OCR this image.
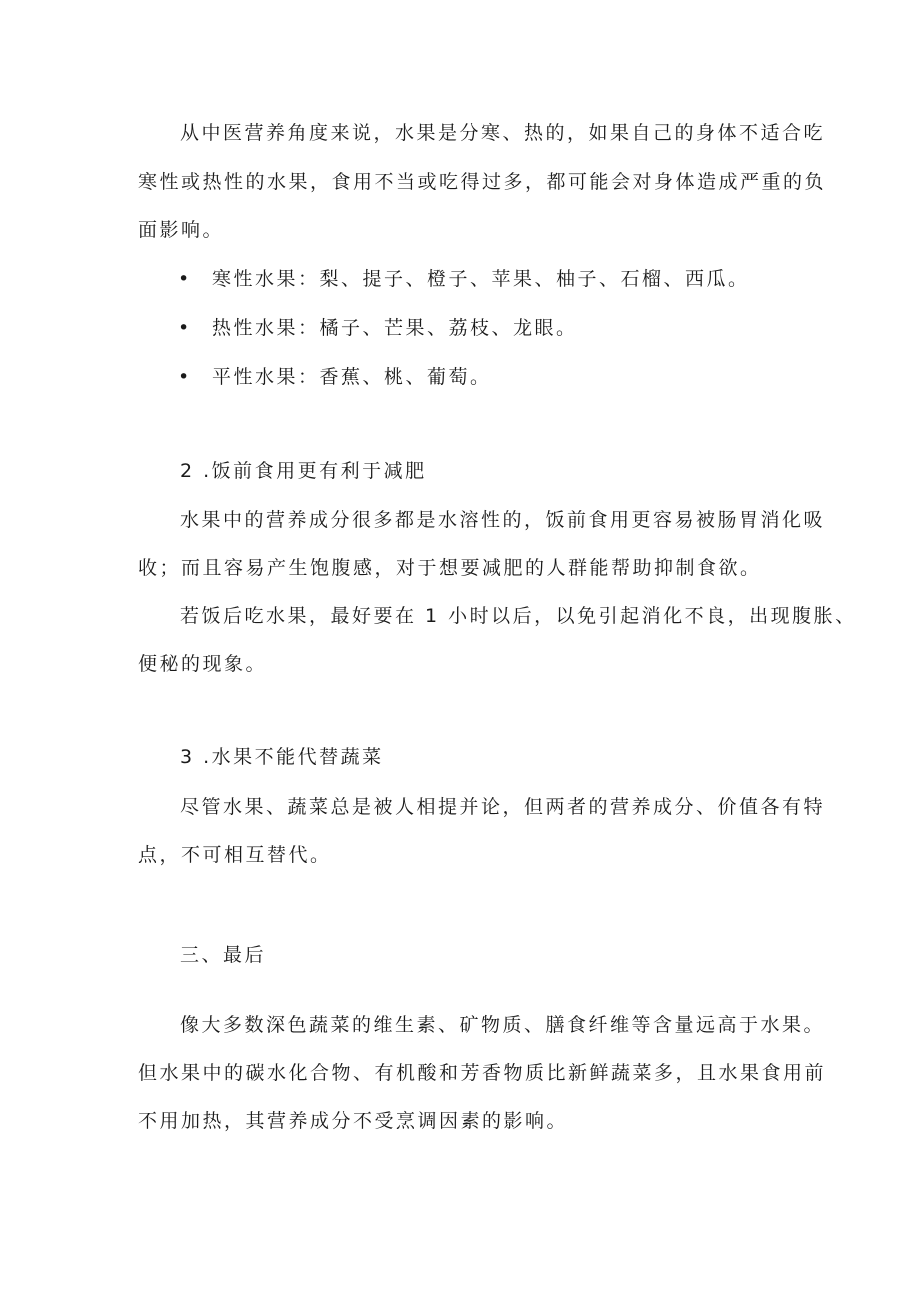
从中医营养角度来说，水果是分寒、热的，如果自己的身体不适合吃
寒性或热性的水果，食用不当或吃得过多，都可能会对身体造成严重的负
面影响。
•	寒性水果：梨、提子、橙子、苹果、柚子、石榴、西瓜。
•	热性水果：橘子、芒果、荔枝、龙眼。
•	平性水果：香蕉、桃、葡萄。
2 .饭前食用更有利于减肥
水果中的营养成分很多都是水溶性的，饭前食用更容易被肠胃消化吸
收；而且容易产生饱腹感，对于想要减肥的人群能帮助抑制食欲。
若饭后吃水果，最好要在 1 小时以后，以免引起消化不良，出现腹胀、
便秘的现象。
3 .水果不能代替蔬菜
尽管水果、蔬菜总是被人相提并论，但两者的营养成分、价值各有特
点，不可相互替代。
三、最后
像大多数深色蔬菜的维生素、矿物质、膳食纤维等含量远高于水果。
但水果中的碳水化合物、有机酸和芳香物质比新鲜蔬菜多，且水果食用前
不用加热，其营养成分不受烹调因素的影响。
